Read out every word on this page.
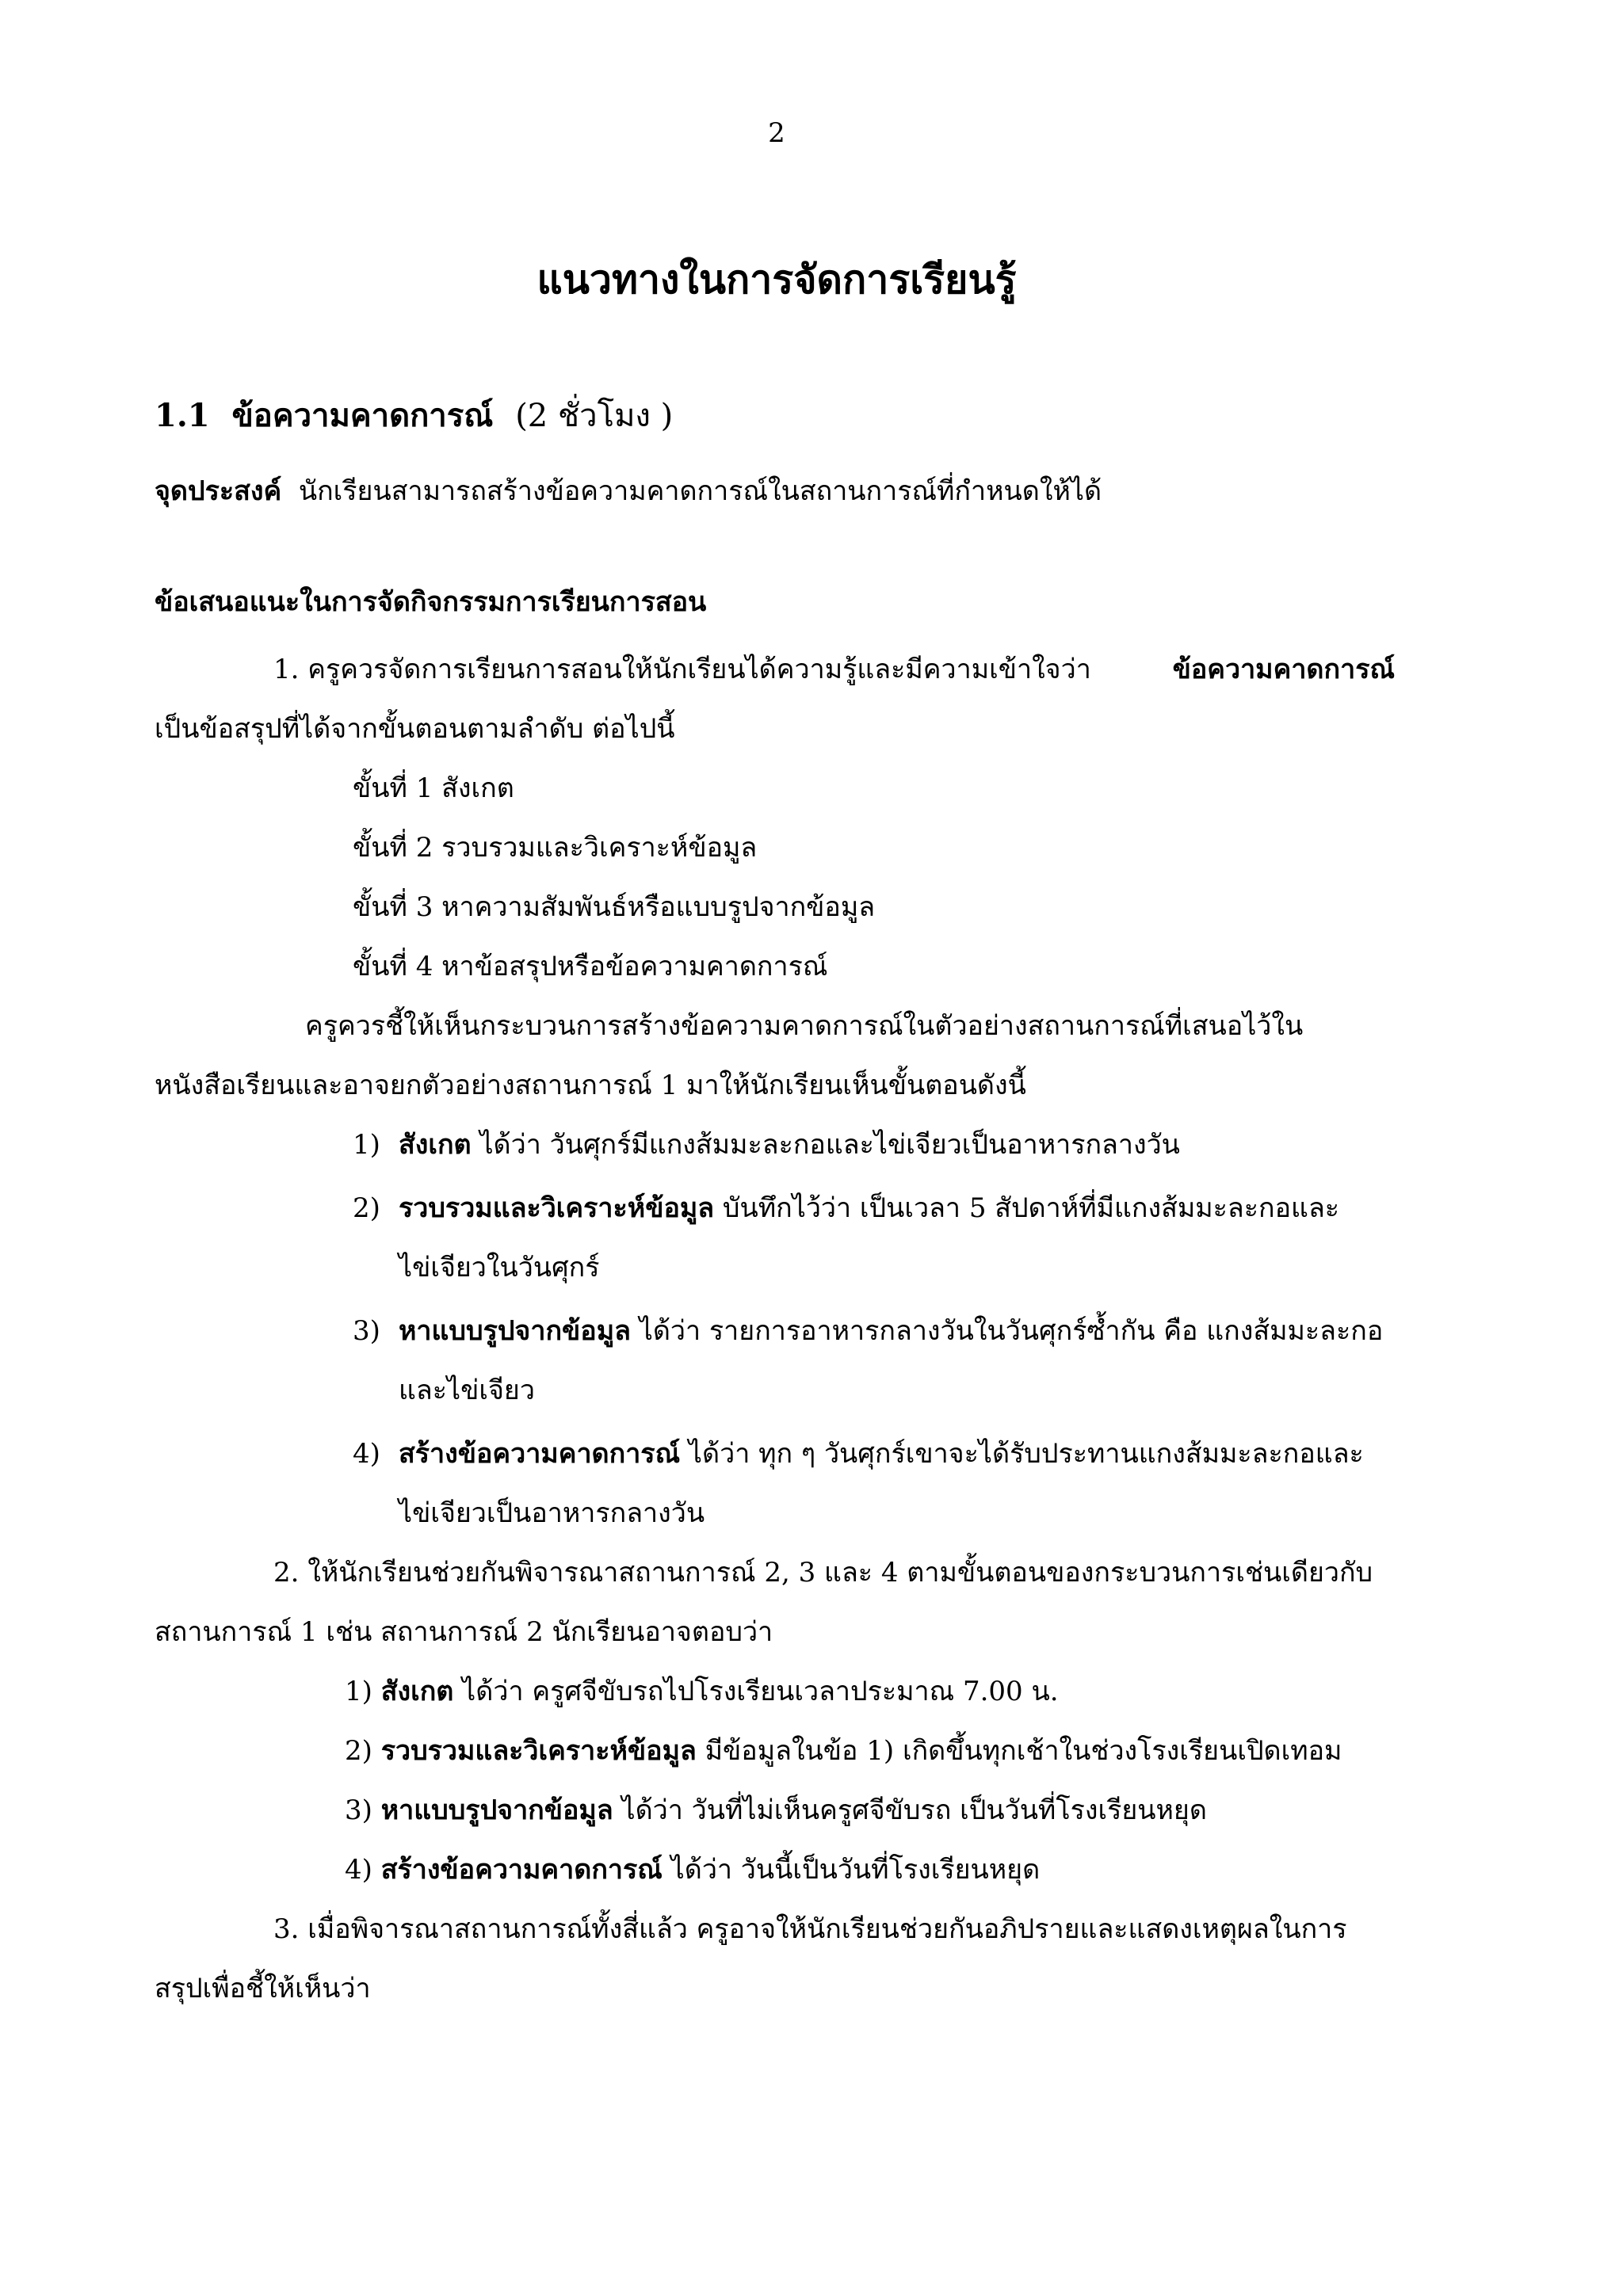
2
แนวทางในการจัดการเรียนรู้
1.1 ข้อความคาดการณ์ (2 ชั่วโมง )
จุดประสงค์ นักเรียนสามารถสร้างข้อความคาดการณ์ในสถานการณ์ที่กำหนดให้ได้
ข้อเสนอแนะในการจัดกิจกรรมการเรียนการสอน
1. ครูควรจัดการเรียนการสอนให้นักเรียนได้ความรู้และมีความเข้าใจว่า	ข้อความคาดการณ์
เป็นข้อสรุปที่ได้จากขั้นตอนตามลำดับ ต่อไปนี้
ขั้นที่ 1 สังเกต
ขั้นที่ 2 รวบรวมและวิเคราะห์ข้อมูล
ขั้นที่ 3 หาความสัมพันธ์หรือแบบรูปจากข้อมูล
ขั้นที่ 4 หาข้อสรุปหรือข้อความคาดการณ์
ครูควรชี้ให้เห็นกระบวนการสร้างข้อความคาดการณ์ในตัวอย่างสถานการณ์ที่เสนอไว้ใน
หนังสือเรียนและอาจยกตัวอย่างสถานการณ์ 1 มาให้นักเรียนเห็นขั้นตอนดังนี้
1) สังเกต ได้ว่า วันศุกร์มีแกงส้มมะละกอและไข่เจียวเป็นอาหารกลางวัน
2) รวบรวมและวิเคราะห์ข้อมูล บันทึกไว้ว่า เป็นเวลา 5 สัปดาห์ที่มีแกงส้มมะละกอและ
ไข่เจียวในวันศุกร์
3) หาแบบรูปจากข้อมูล ได้ว่า รายการอาหารกลางวันในวันศุกร์ซ้ำกัน คือ แกงส้มมะละกอ
และไข่เจียว
4) สร้างข้อความคาดการณ์ ได้ว่า ทุก ๆ วันศุกร์เขาจะได้รับประทานแกงส้มมะละกอและ
ไข่เจียวเป็นอาหารกลางวัน
2. ให้นักเรียนช่วยกันพิจารณาสถานการณ์ 2, 3 และ 4 ตามขั้นตอนของกระบวนการเช่นเดียวกับ
สถานการณ์ 1 เช่น สถานการณ์ 2 นักเรียนอาจตอบว่า
1) สังเกต ได้ว่า ครูศจีขับรถไปโรงเรียนเวลาประมาณ 7.00 น.
2) รวบรวมและวิเคราะห์ข้อมูล มีข้อมูลในข้อ 1) เกิดขึ้นทุกเช้าในช่วงโรงเรียนเปิดเทอม
3) หาแบบรูปจากข้อมูล ได้ว่า วันที่ไม่เห็นครูศจีขับรถ เป็นวันที่โรงเรียนหยุด
4) สร้างข้อความคาดการณ์ ได้ว่า วันนี้เป็นวันที่โรงเรียนหยุด
3. เมื่อพิจารณาสถานการณ์ทั้งสี่แล้ว ครูอาจให้นักเรียนช่วยกันอภิปรายและแสดงเหตุผลในการ
สรุปเพื่อชี้ให้เห็นว่า
